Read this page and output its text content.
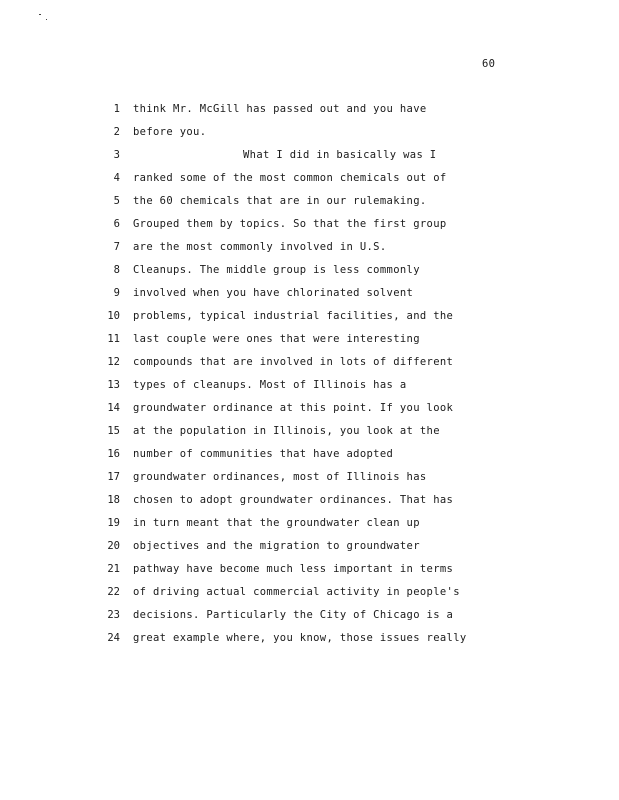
60
1 think Mr. McGill has passed out and you have
2 before you.
3	What I did in basically was I
4 ranked some of the most common chemicals out of
5 the 60 chemicals that are in our rulemaking.
6 Grouped them by topics. So that the first group
7 are the most commonly involved in U.S.
8 Cleanups. The middle group is less commonly
9 involved when you have chlorinated solvent
10 problems, typical industrial facilities, and the
11 last couple were ones that were interesting
12 compounds that are involved in lots of different
13 types of cleanups. Most of Illinois has a
14 groundwater ordinance at this point. If you look
15 at the population in Illinois, you look at the
16 number of communities that have adopted
17 groundwater ordinances, most of Illinois has
18 chosen to adopt groundwater ordinances. That has
19 in turn meant that the groundwater clean up
20 objectives and the migration to groundwater
21 pathway have become much less important in terms
22 of driving actual commercial activity in people's
23 decisions. Particularly the City of Chicago is a
24 great example where, you know, those issues really
